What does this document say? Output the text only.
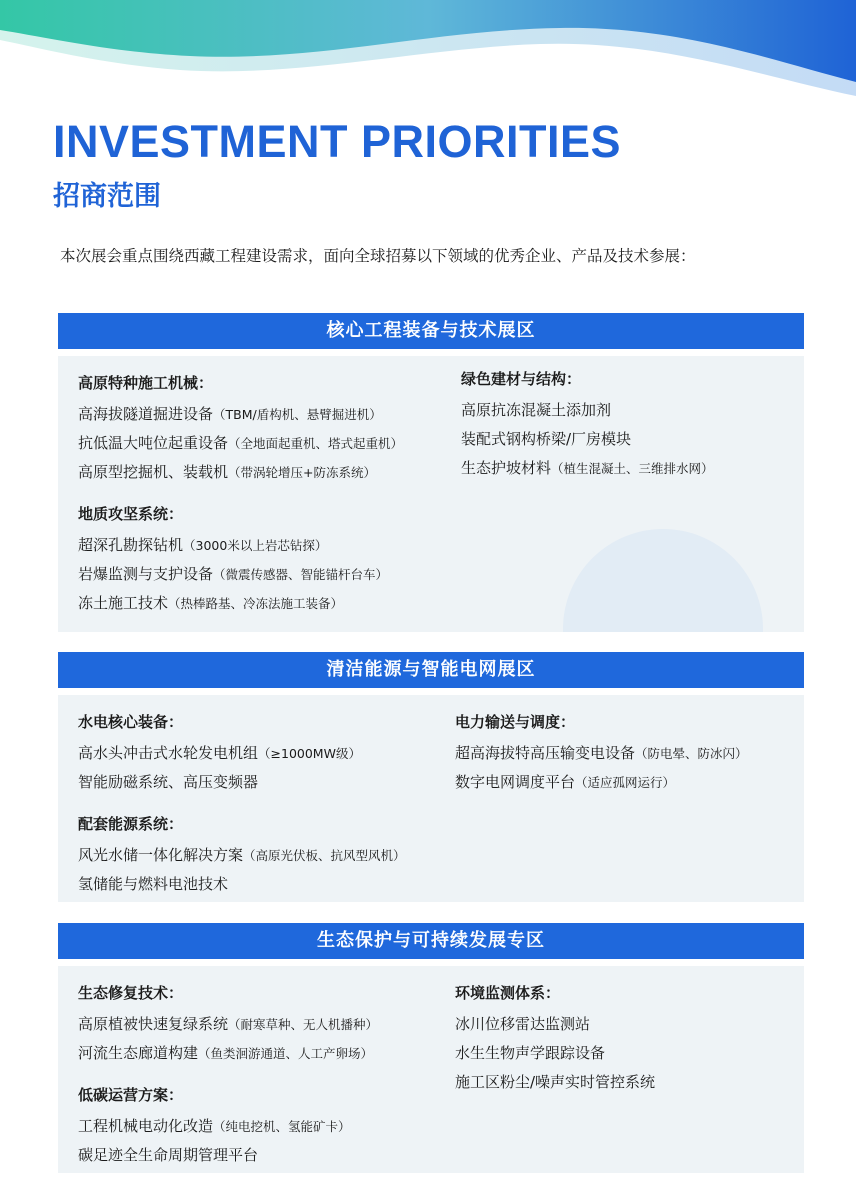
INVESTMENT PRIORITIES
招商范围
本次展会重点围绕西藏工程建设需求，面向全球招募以下领域的优秀企业、产品及技术参展：
核心工程装备与技术展区
高原特种施工机械：
高海拔隧道掘进设备（TBM/盾构机、悬臂掘进机）
抗低温大吨位起重设备（全地面起重机、塔式起重机）
高原型挖掘机、装载机（带涡轮增压+防冻系统）
地质攻坚系统：
超深孔勘探钻机（3000米以上岩芯钻探）
岩爆监测与支护设备（微震传感器、智能锚杆台车）
冻土施工技术（热棒路基、冷冻法施工装备）
绿色建材与结构：
高原抗冻混凝土添加剂
装配式钢构桥梁/厂房模块
生态护坡材料（植生混凝土、三维排水网）
清洁能源与智能电网展区
水电核心装备：
高水头冲击式水轮发电机组（≥1000MW级）
智能励磁系统、高压变频器
配套能源系统：
风光水储一体化解决方案（高原光伏板、抗风型风机）
氢储能与燃料电池技术
电力输送与调度：
超高海拔特高压输变电设备（防电晕、防冰闪）
数字电网调度平台（适应孤网运行）
生态保护与可持续发展专区
生态修复技术：
高原植被快速复绿系统（耐寒草种、无人机播种）
河流生态廊道构建（鱼类洄游通道、人工产卵场）
低碳运营方案：
工程机械电动化改造（纯电挖机、氢能矿卡）
碳足迹全生命周期管理平台
环境监测体系：
冰川位移雷达监测站
水生生物声学跟踪设备
施工区粉尘/噪声实时管控系统
